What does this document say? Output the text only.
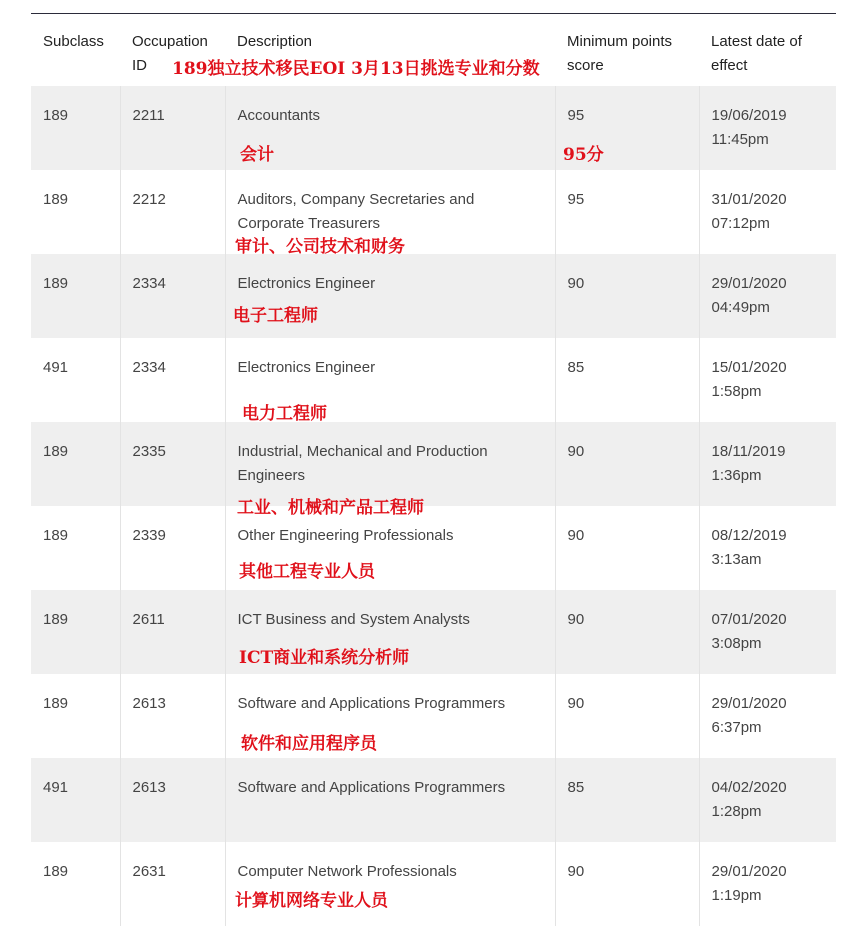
Subclass	Occupation ID	Description	Minimum points score	Latest date of effect
189	2211	Accountants	95	19/06/2019 11:45pm
189	2212	Auditors, Company Secretaries and Corporate Treasurers	95	31/01/2020 07:12pm
189	2334	Electronics Engineer	90	29/01/2020 04:49pm
491	2334	Electronics Engineer	85	15/01/2020 1:58pm
189	2335	Industrial, Mechanical and Production Engineers	90	18/11/2019 1:36pm
189	2339	Other Engineering Professionals	90	08/12/2019 3:13am
189	2611	ICT Business and System Analysts	90	07/01/2020 3:08pm
189	2613	Software and Applications Programmers	90	29/01/2020 6:37pm
491	2613	Software and Applications Programmers	85	04/02/2020 1:28pm
189	2631	Computer Network Professionals	90	29/01/2020 1:19pm
189独立技术移民EOI 3月13日挑选专业和分数
会计	95分
审计、公司技术和财务
电子工程师
电力工程师
工业、机械和产品工程师
其他工程专业人员
ICT商业和系统分析师
软件和应用程序员
计算机网络专业人员
